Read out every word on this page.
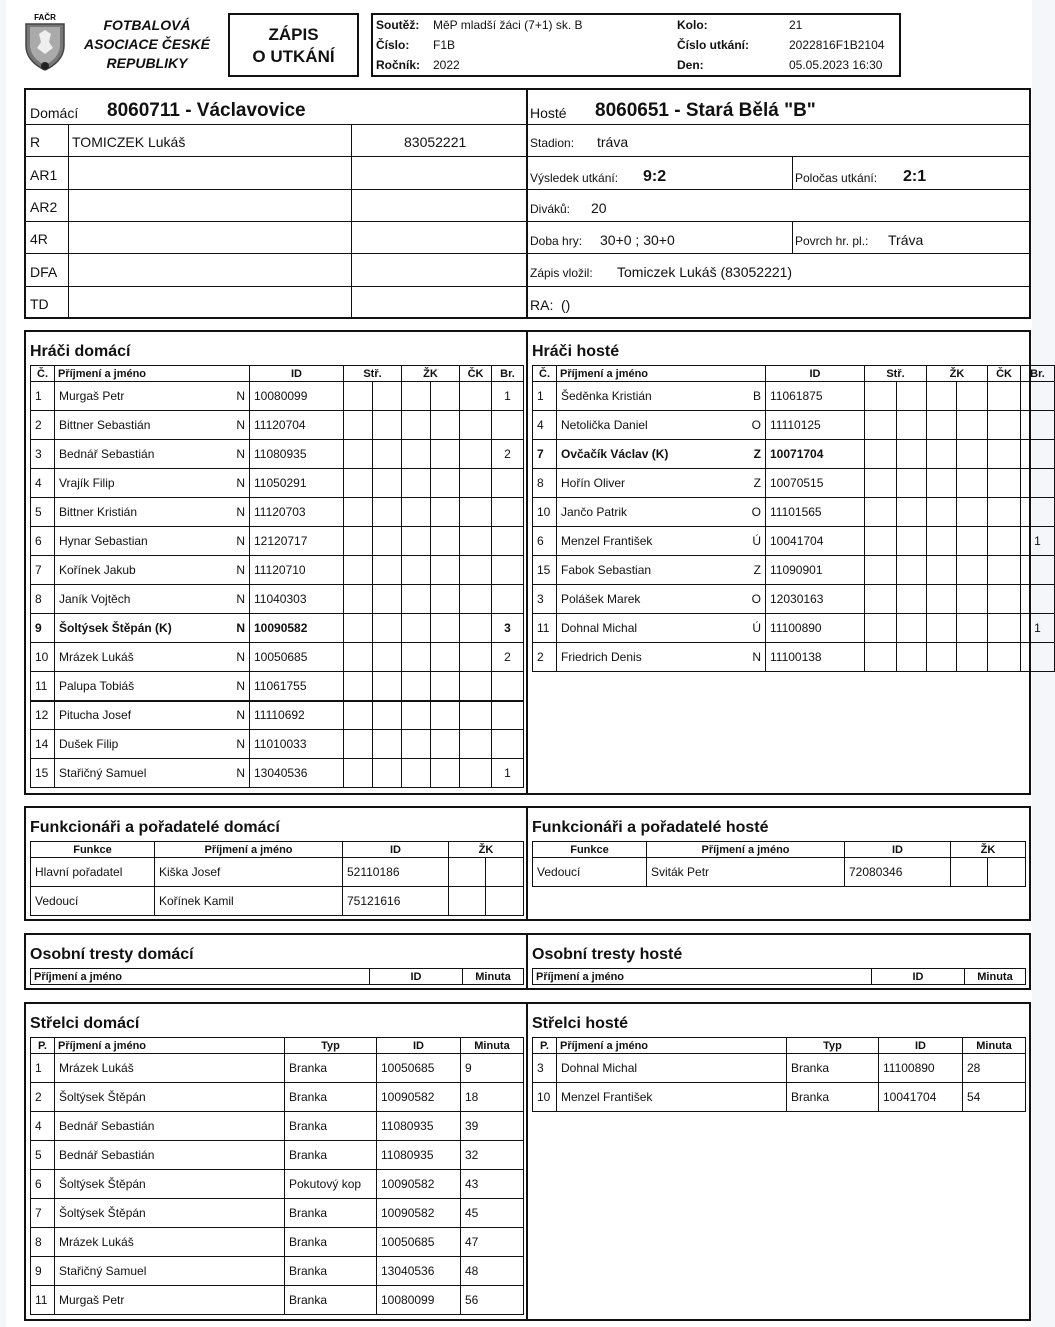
FAČR	FOTBALOVÁ
ASOCIACE ČESKÉ
REPUBLIKY
ZÁPIS
O UTKÁNÍ
Soutěž: MěP mladší žáci (7+1) sk. B	Kolo:	21
Číslo: F1B	Číslo utkání:	2022816F1B2104
Ročník: 2022	Den:	05.05.2023 16:30
Domácí 8060711 - Václavovice
R TOMICZEK Lukáš	83052221
AR1
AR2
4R
DFA
TD
Hosté 8060651 - Stará Bělá "B"
Stadion: tráva
Výsledek utkání: 9:2	Poločas utkání: 2:1
Diváků: 20
Doba hry: 30+0 ; 30+0	Povrch hr. pl.: Tráva
Zápis vložil: Tomiczek Lukáš (83052221)
RA: ()
Hráči domácí	Hráči hosté
Č.	Příjmení a jméno	ID	Stř.		ŽK		ČK	Br.
1	Murgaš Petr N	10080099						1
2	Bittner Sebastián N	11120704						
3	Bednář Sebastián N	11080935						2
4	Vrajík Filip N	11050291						
5	Bittner Kristián N	11120703						
6	Hynar Sebastian N	12120717						
7	Kořínek Jakub N	11120710						
8	Janík Vojtěch N	11040303						
9	Šoltýsek Štěpán (K) N	10090582						3
10	Mrázek Lukáš N	10050685						2
11	Palupa Tobiáš N	11061755						
12	Pitucha Josef N	11110692						
14	Dušek Filip N	11010033						
15	Stařičný Samuel N	13040536						1
Č.	Příjmení a jméno	ID	Stř.		ŽK		ČK	Br.
1	Šeděnka Kristián B	11061875						
4	Netolička Daniel O	11110125						
7	Ovčačík Václav (K) Z	10071704						
8	Hořín Oliver Z	10070515						
10	Jančo Patrik O	11101565						
6	Menzel František Ú	10041704						1
15	Fabok Sebastian Z	11090901						
3	Polášek Marek O	12030163						
11	Dohnal Michal Ú	11100890						1
2	Friedrich Denis N	11100138						
Funkcionáři a pořadatelé domácí	Funkcionáři a pořadatelé hosté
Funkce	Příjmení a jméno	ID	ŽK	
Hlavní pořadatel	Kiška Josef	52110186		
Vedoucí	Kořínek Kamil	75121616		
Funkce	Příjmení a jméno	ID	ŽK	
Vedoucí	Sviták Petr	72080346		
Osobní tresty domácí	Osobní tresty hosté
Příjmení a jméno	ID	Minuta Příjmení a jméno	ID	Minuta
Střelci domácí	Střelci hosté
P.	Příjmení a jméno	Typ	ID	Minuta
1	Mrázek Lukáš	Branka	10050685	9
2	Šoltýsek Štěpán	Branka	10090582	18
4	Bednář Sebastián	Branka	11080935	39
5	Bednář Sebastián	Branka	11080935	32
6	Šoltýsek Štěpán	Pokutový kop	10090582	43
7	Šoltýsek Štěpán	Branka	10090582	45
8	Mrázek Lukáš	Branka	10050685	47
9	Stařičný Samuel	Branka	13040536	48
11	Murgaš Petr	Branka	10080099	56
P.	Příjmení a jméno	Typ	ID	Minuta
3	Dohnal Michal	Branka	11100890	28
10	Menzel František	Branka	10041704	54
